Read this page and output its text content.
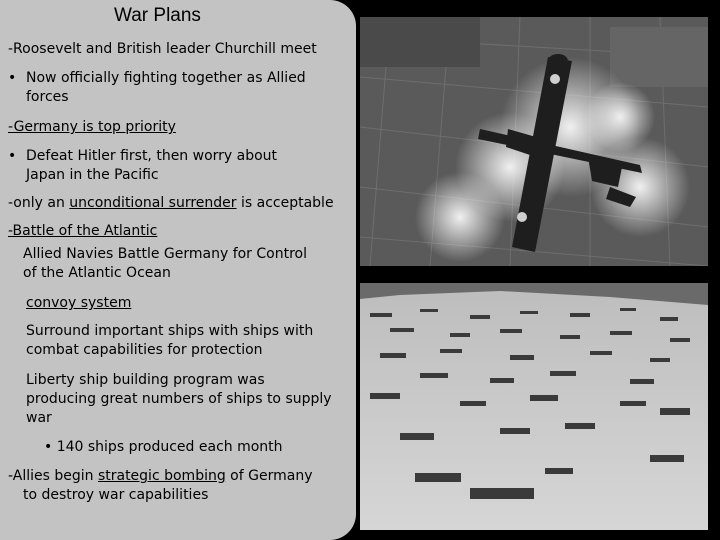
War Plans
-Roosevelt and British leader Churchill meet
• Now officially fighting together as Allied
forces
-Germany is top priority
• Defeat Hitler first, then worry about
Japan in the Pacific
-only an unconditional surrender is acceptable
-Battle of the Atlantic
Allied Navies Battle Germany for Control
of the Atlantic Ocean
convoy system
Surround important ships with ships with
combat capabilities for protection
Liberty ship building program was
producing great numbers of ships to supply
war
• 140 ships produced each month
-Allies begin strategic bombing of Germany
to destroy war capabilities
